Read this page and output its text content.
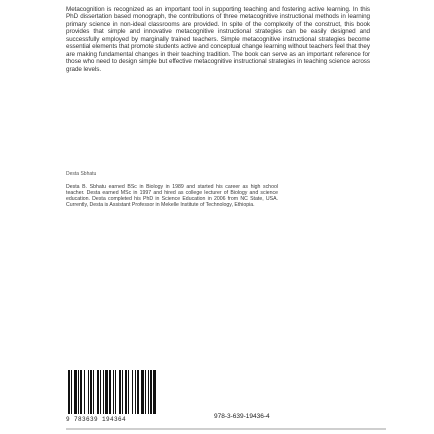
Metacognition is recognized as an important tool in supporting teaching and fostering active learning. In this PhD dissertation based monograph, the contributions of three metacognitive instructional methods in learning primary science in non-ideal classrooms are provided. In spite of the complexity of the construct, this book provides that simple and innovative metacognitive instructional strategies can be easily designed and successfully employed by marginally trained teachers. Simple metacognitive instructional strategies become essential elements that promote students active and conceptual change learning without teachers feel that they are making fundamental changes in their teaching tradition. The book can serve as an important reference for those who need to design simple but effective metacognitive instructional strategies in teaching science across grade levels.
Desta Sbhatu
Desta B. Sbhatu earned BSc in Biology in 1989 and started his career as high school teacher. Desta earned MSc in 1997 and hired as college lecturer of Biology and science education. Desta completed his PhD in Science Education in 2006 from NC State, USA. Currently, Desta is Assistant Professor in Mekelle Institute of Technology, Ethiopia.
9 783639 194364	978-3-639-19436-4
